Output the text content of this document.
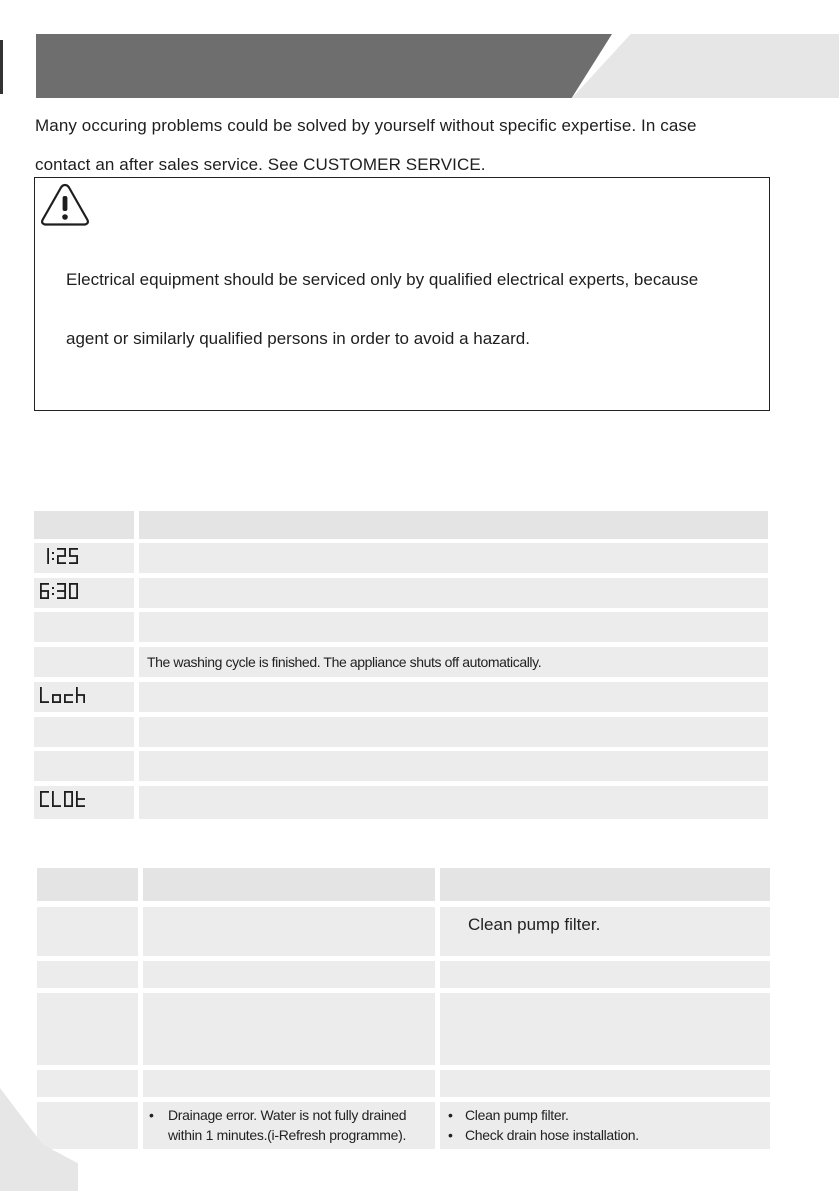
Many occuring problems could be solved by yourself without specific expertise. In case
contact an after sales service. See CUSTOMER SERVICE.
Electrical equipment should be serviced only by qualified electrical experts, because
agent or similarly qualified persons in order to avoid a hazard.
The washing cycle is finished. The appliance shuts off automatically.
Clean pump filter.
• Drainage error. Water is not fully drained
within 1 minutes.(i-Refresh programme).
• Clean pump filter.
• Check drain hose installation.
